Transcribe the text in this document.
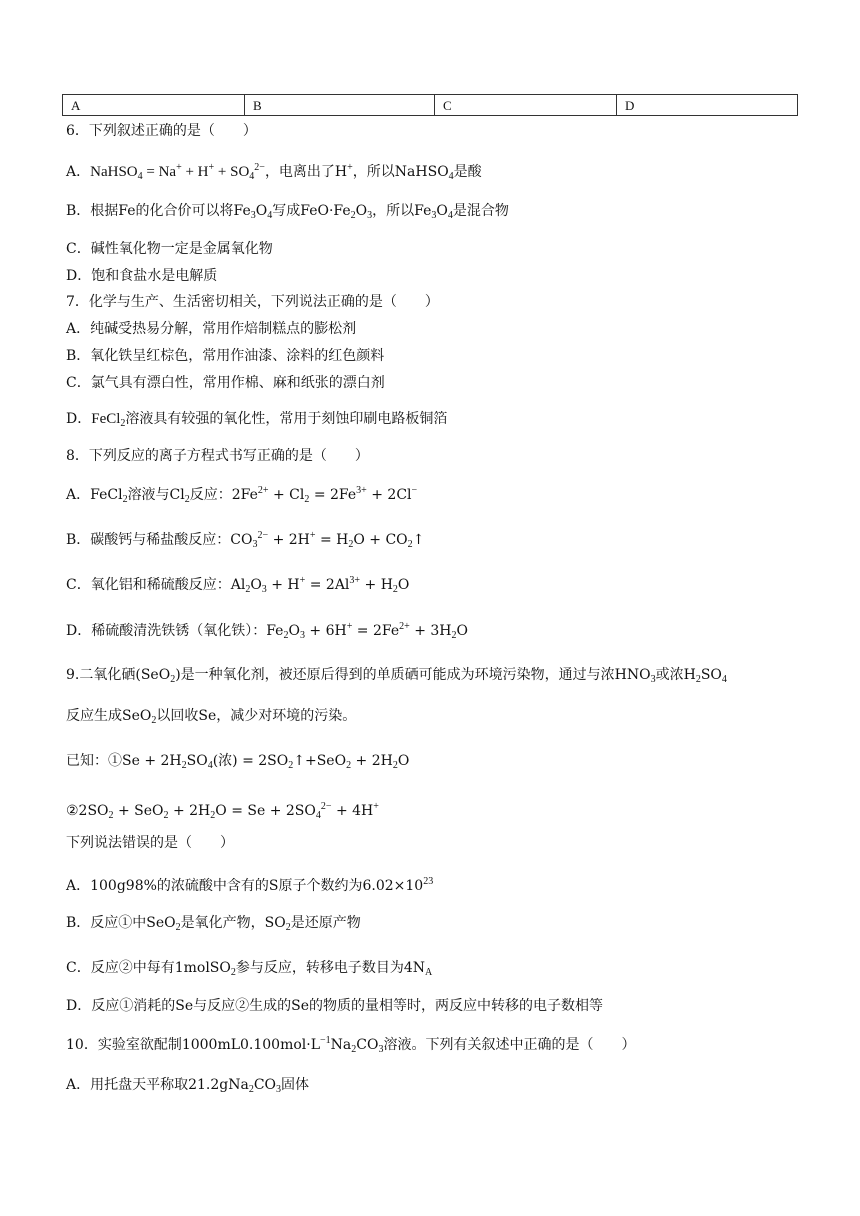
A	B	C	D
6．下列叙述正确的是（　　）
A．NaHSO$_4$ = $Na^+ + H^+ + SO_4^{2-}$，电离出了H+，所以NaHSO$_4$是酸
B．根据Fe的化合价可以将$Fe_3O_4$写成$FeO\cdot Fe_2O_3$，所以$Fe_3O_4$是混合物
C．碱性氧化物一定是金属氧化物
D．饱和食盐水是电解质
7．化学与生产、生活密切相关，下列说法正确的是（　　）
A．纯碱受热易分解，常用作焙制糕点的膨松剂
B．氧化铁呈红棕色，常用作油漆、涂料的红色颜料
C．氯气具有漂白性，常用作棉、麻和纸张的漂白剂
D．FeCl$_2$溶液具有较强的氧化性，常用于刻蚀印刷电路板铜箔
8．下列反应的离子方程式书写正确的是（　　）
A．FeCl$_2$溶液与$Cl_2$反应：$2Fe^{2+} + Cl_2 = 2Fe^{3+} + 2Cl^-$
B．碳酸钙与稀盐酸反应：$CO_3^{2-} + 2H^+ = H_2O$ + $CO_2↑$
C．氧化铝和稀硫酸反应：$Al_2O_3 + H^+ = 2Al^{3+} + H_2O$
D．稀硫酸清洗铁锈（氧化铁）：$Fe_2O_3 + 6H^+ = 2Fe^{2+} + 3H_2O$
9.二氧化硒(SeO$_2$)是一种氧化剂，被还原后得到的单质硒可能成为环境污染物，通过与浓$HNO_3$或浓$H_2SO_4$
反应生成SeO$_2$以回收Se，减少对环境的污染。
已知：①Se + $2H_2SO_4$(浓) = $2SO_2↑+SeO_2 + 2H_2O$
$②2SO_2 + SeO_2 + 2H_2O = Se + 2SO_4^{2-} + 4H^+$
下列说法错误的是（　　）
A．100g98%的浓硫酸中含有的S原子个数约为$6.02\times 10^{23}$
B．反应①中SeO$_2$是氧化产物，$SO_2$是还原产物
C．反应②中每有1molSO$_2$参与反应，转移电子数目为$4N_A$
D．反应①消耗的Se与反应②生成的Se的物质的量相等时，两反应中转移的电子数相等
10．实验室欲配制$1000mL0.100mol\cdot L^{-1}Na_2CO_3$溶液。下列有关叙述中正确的是（　　）
A．用托盘天平称取$21.2gNa_2CO_3$固体
